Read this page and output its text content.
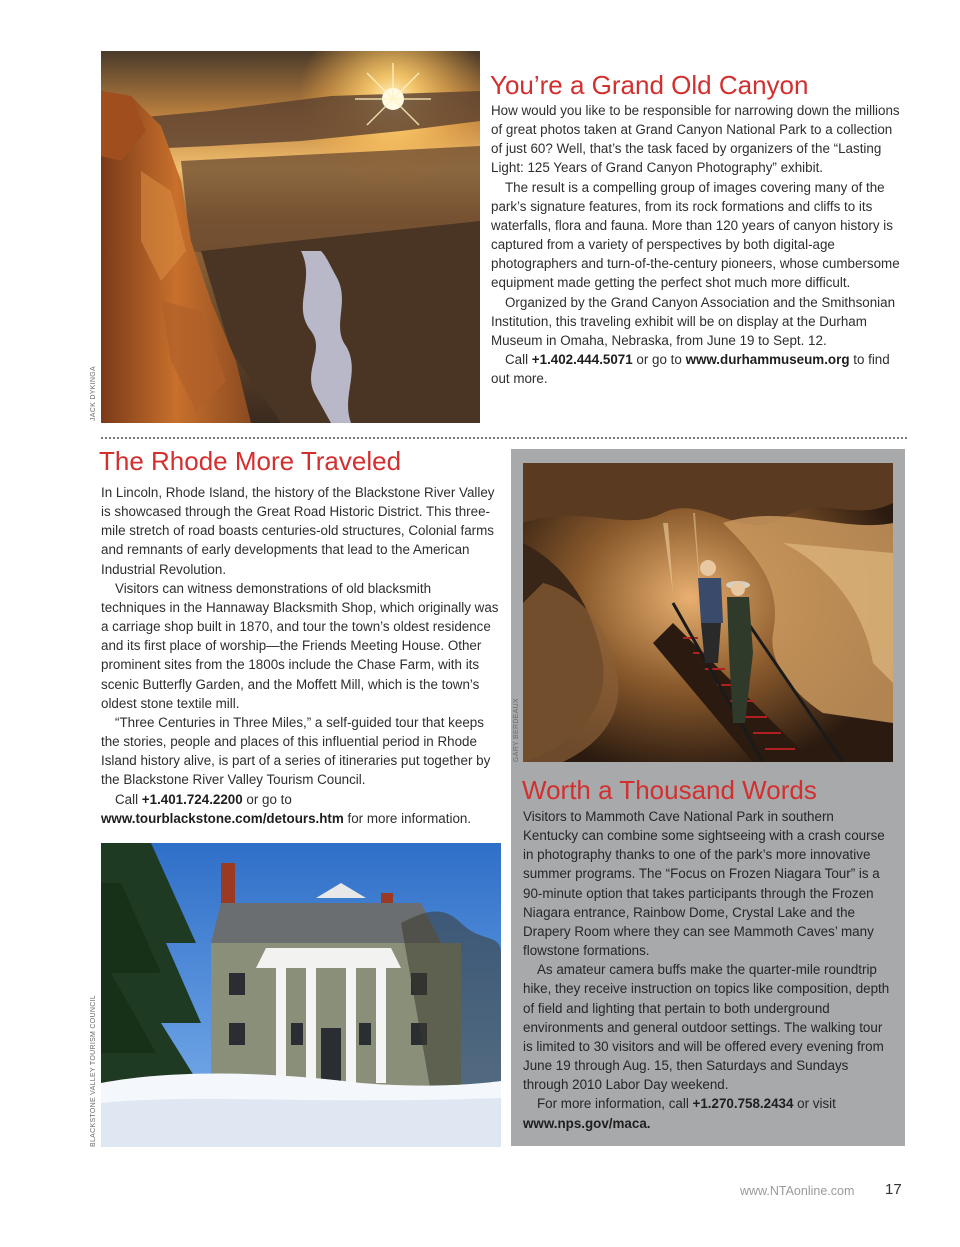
JACK DYKINGA
You’re a Grand Old Canyon

How would you like to be responsible for narrowing down the millions of great photos taken at Grand Canyon National Park to a collection of just 60? Well, that’s the task faced by organizers of the “Lasting Light: 125 Years of Grand Canyon Photography” exhibit.

The result is a compelling group of images covering many of the park’s signature features, from its rock formations and cliffs to its waterfalls, flora and fauna. More than 120 years of canyon history is captured from a variety of perspectives by both digital-age photographers and turn-of-the-century pioneers, whose cumbersome equipment made getting the perfect shot much more difficult.

Organized by the Grand Canyon Association and the Smithsonian Institution, this traveling exhibit will be on display at the Durham Museum in Omaha, Nebraska, from June 19 to Sept. 12.

Call +1.402.444.5071 or go to www.durhammuseum.org to find out more.

The Rhode More Traveled

In Lincoln, Rhode Island, the history of the Blackstone River Valley is showcased through the Great Road Historic District. This three-mile stretch of road boasts centuries-old structures, Colonial farms and remnants of early developments that lead to the American Industrial Revolution.

Visitors can witness demonstrations of old blacksmith techniques in the Hannaway Blacksmith Shop, which originally was a carriage shop built in 1870, and tour the town’s oldest residence and its first place of worship—the Friends Meeting House. Other prominent sites from the 1800s include the Chase Farm, with its scenic Butterfly Garden, and the Moffett Mill, which is the town’s oldest stone textile mill.

“Three Centuries in Three Miles,” a self-guided tour that keeps the stories, people and places of this influential period in Rhode Island history alive, is part of a series of itineraries put together by the Blackstone River Valley Tourism Council.

Call +1.401.724.2200 or go to www.tourblackstone.com/detours.htm for more information.

BLACKSTONE VALLEY TOURISM COUNCIL
GARY BERDEAUX
Worth a Thousand Words

Visitors to Mammoth Cave National Park in southern Kentucky can combine some sightseeing with a crash course in photography thanks to one of the park’s more innovative summer programs. The “Focus on Frozen Niagara Tour” is a 90-minute option that takes participants through the Frozen Niagara entrance, Rainbow Dome, Crystal Lake and the Drapery Room where they can see Mammoth Caves’ many flowstone formations.

As amateur camera buffs make the quarter-mile roundtrip hike, they receive instruction on topics like composition, depth of field and lighting that pertain to both underground environments and general outdoor settings. The walking tour is limited to 30 visitors and will be offered every evening from June 19 through Aug. 15, then Saturdays and Sundays through 2010 Labor Day weekend.

For more information, call +1.270.758.2434 or visit www.nps.gov/maca.

www.NTAonline.com 17
